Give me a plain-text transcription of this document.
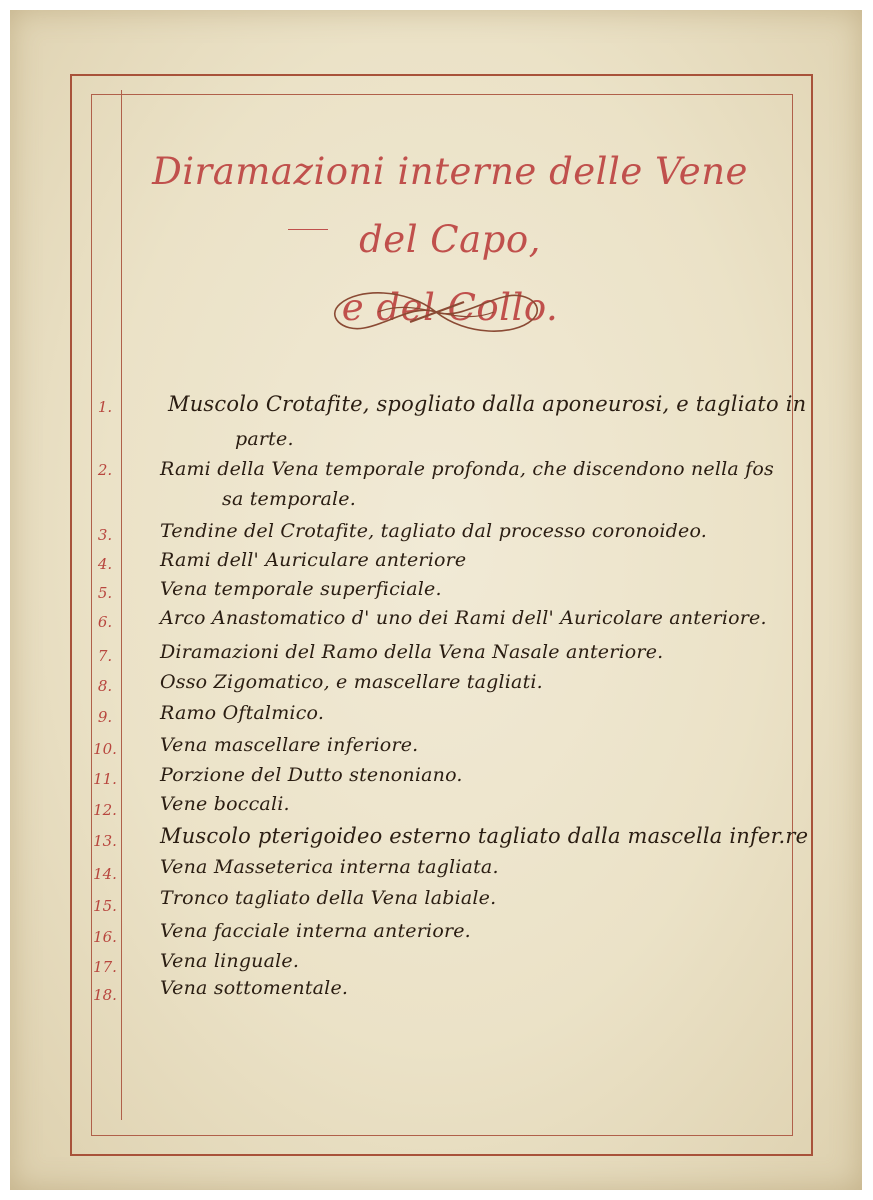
Diramazioni interne delle Vene del Capo,
e del Collo.
1.	Muscolo Crotafite, spogliato dalla aponeurosi, e tagliato in
parte.
2.	Rami della Vena temporale profonda, che discendono nella fos
sa temporale.
3.	Tendine del Crotafite, tagliato dal processo coronoideo.
4.	Rami dell' Auriculare anteriore
5.	Vena temporale superficiale.
6.	Arco Anastomatico d' uno dei Rami dell' Auricolare anteriore.
7.	Diramazioni del Ramo della Vena Nasale anteriore.
8.	Osso Zigomatico, e mascellare tagliati.
9.	Ramo Oftalmico.
10. Vena mascellare inferiore.
11. Porzione del Dutto stenoniano.
12. Vene boccali.
13. Muscolo pterigoideo esterno tagliato dalla mascella infer.re
14. Vena Masseterica interna tagliata.
15. Tronco tagliato della Vena labiale.
16. Vena facciale interna anteriore.
17. Vena linguale.
18. Vena sottomentale.
